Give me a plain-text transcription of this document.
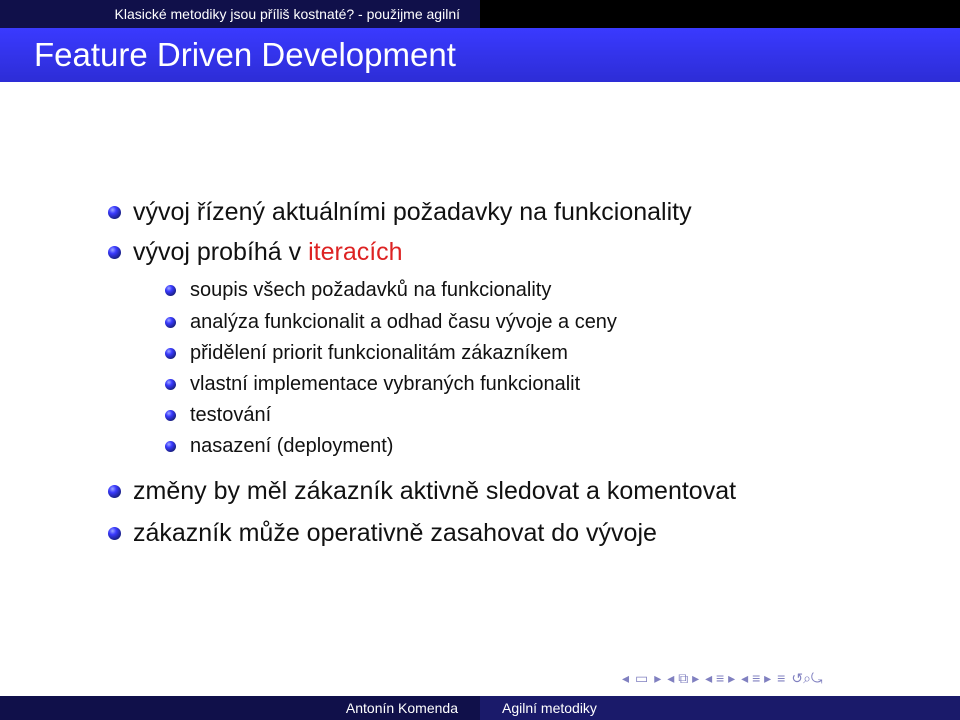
Klasické metodiky jsou příliš kostnaté? - použijme agilní
Feature Driven Development
vývoj řízený aktuálními požadavky na funkcionality
vývoj probíhá v iteracích
soupis všech požadavků na funkcionality
analýza funkcionalit a odhad času vývoje a ceny
přidělení priorit funkcionalitám zákazníkem
vlastní implementace vybraných funkcionalit
testování
nasazení (deployment)
změny by měl zákazník aktivně sledovat a komentovat
zákazník může operativně zasahovat do vývoje
◂ ▭ ▸ ◂ ⧉ ▸ ◂ ≡ ▸ ◂ ≡ ▸ ≡ ↺⌕⤿
Antonín Komenda	Agilní metodiky
